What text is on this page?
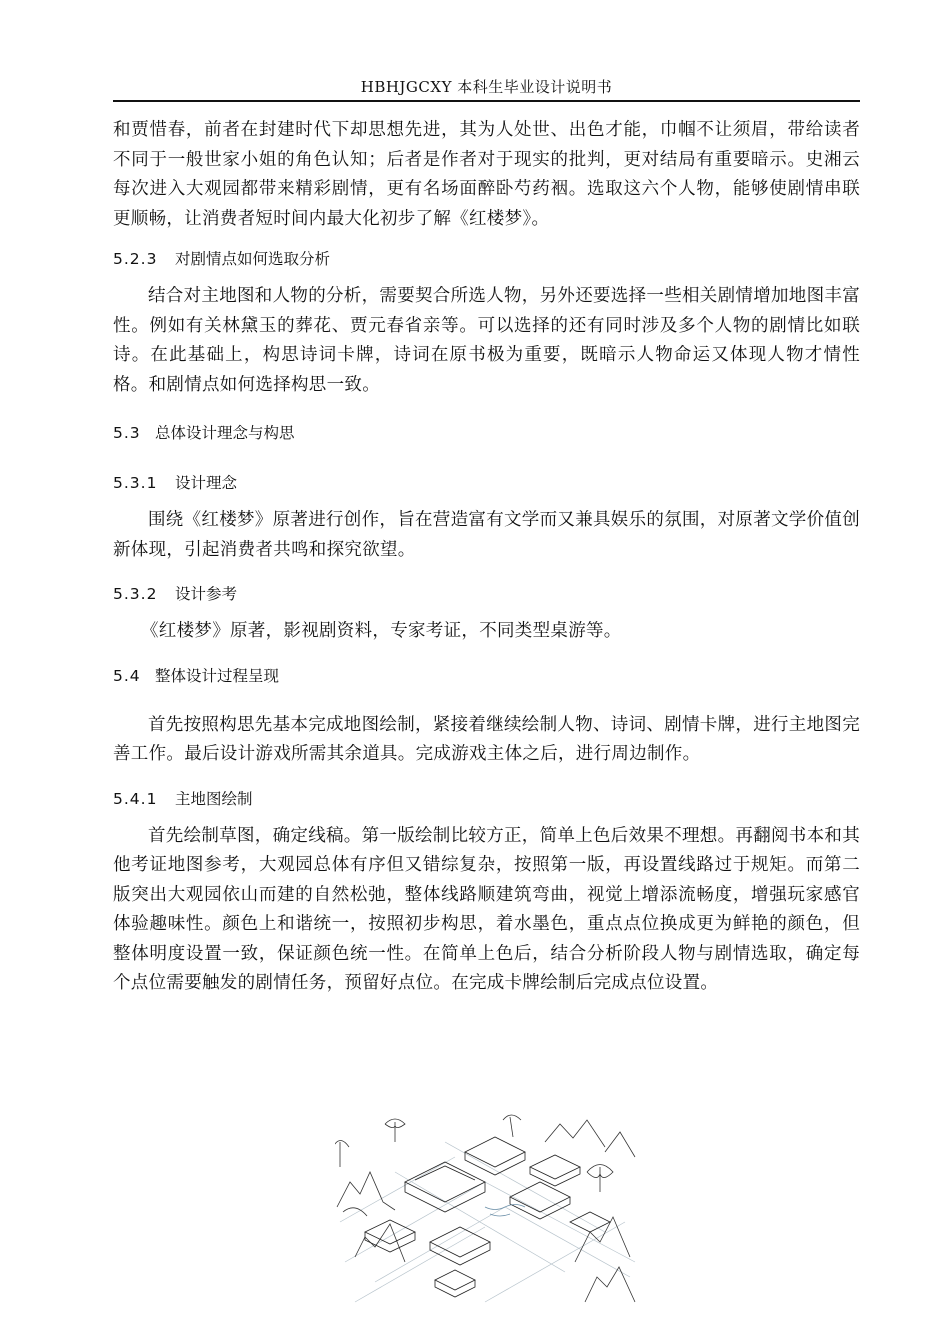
HBHJGCXY 本科生毕业设计说明书

和贾惜春，前者在封建时代下却思想先进，其为人处世、出色才能，巾帼不让须眉，带给读者不同于一般世家小姐的角色认知；后者是作者对于现实的批判，更对结局有重要暗示。史湘云每次进入大观园都带来精彩剧情，更有名场面醉卧芍药裀。选取这六个人物，能够使剧情串联更顺畅，让消费者短时间内最大化初步了解《红楼梦》。

5.2.3 对剧情点如何选取分析

结合对主地图和人物的分析，需要契合所选人物，另外还要选择一些相关剧情增加地图丰富性。例如有关林黛玉的葬花、贾元春省亲等。可以选择的还有同时涉及多个人物的剧情比如联诗。在此基础上，构思诗词卡牌，诗词在原书极为重要，既暗示人物命运又体现人物才情性格。和剧情点如何选择构思一致。

5.3 总体设计理念与构思
5.3.1 设计理念

围绕《红楼梦》原著进行创作，旨在营造富有文学而又兼具娱乐的氛围，对原著文学价值创新体现，引起消费者共鸣和探究欲望。

5.3.2 设计参考

《红楼梦》原著，影视剧资料，专家考证，不同类型桌游等。

5.4 整体设计过程呈现

首先按照构思先基本完成地图绘制，紧接着继续绘制人物、诗词、剧情卡牌，进行主地图完善工作。最后设计游戏所需其余道具。完成游戏主体之后，进行周边制作。

5.4.1 主地图绘制

首先绘制草图，确定线稿。第一版绘制比较方正，简单上色后效果不理想。再翻阅书本和其他考证地图参考，大观园总体有序但又错综复杂，按照第一版，再设置线路过于规矩。而第二版突出大观园依山而建的自然松弛，整体线路顺建筑弯曲，视觉上增添流畅度，增强玩家感官体验趣味性。颜色上和谐统一，按照初步构思，着水墨色，重点点位换成更为鲜艳的颜色，但整体明度设置一致，保证颜色统一性。在简单上色后，结合分析阶段人物与剧情选取，确定每个点位需要触发的剧情任务，预留好点位。在完成卡牌绘制后完成点位设置。
